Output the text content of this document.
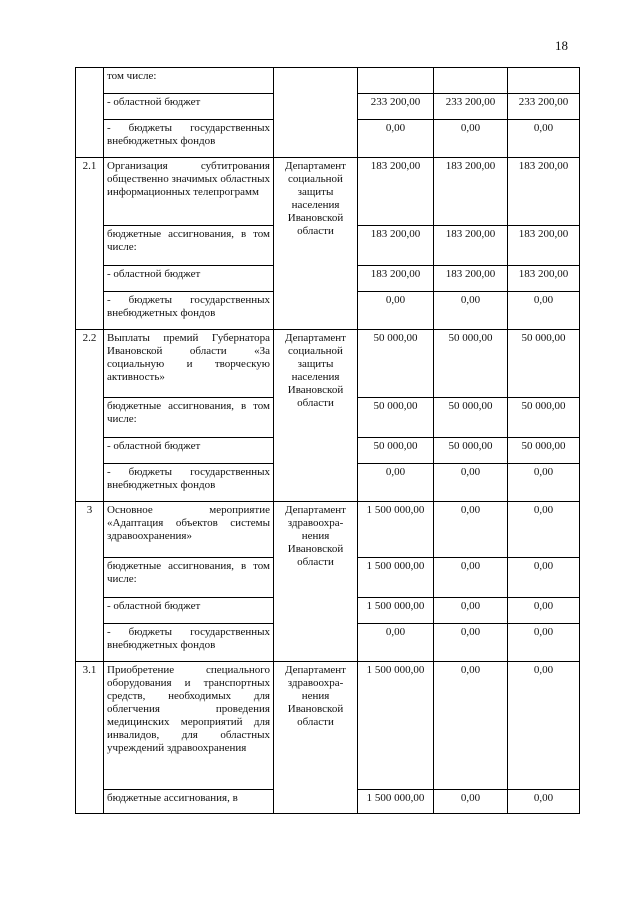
18
	том числе:				
	- областной бюджет		233 200,00	233 200,00	233 200,00
	- бюджеты государственных внебюджетных фондов		0,00	0,00	0,00
2.1	Организация субтитрования общественно значимых областных информационных телепрограмм	Департамент социальной защиты населения Ивановской области	183 200,00	183 200,00	183 200,00
	бюджетные ассигнования, в том числе:		183 200,00	183 200,00	183 200,00
	- областной бюджет		183 200,00	183 200,00	183 200,00
	- бюджеты государственных внебюджетных фондов		0,00	0,00	0,00
2.2	Выплаты премий Губернатора Ивановской области «За социальную и творческую активность»	Департамент социальной защиты населения Ивановской области	50 000,00	50 000,00	50 000,00
	бюджетные ассигнования, в том числе:		50 000,00	50 000,00	50 000,00
	- областной бюджет		50 000,00	50 000,00	50 000,00
	- бюджеты государственных внебюджетных фондов		0,00	0,00	0,00
3	Основное мероприятие «Адаптация объектов системы здравоохранения»	Департамент здравоохра-нения Ивановской области	1 500 000,00	0,00	0,00
	бюджетные ассигнования, в том числе:		1 500 000,00	0,00	0,00
	- областной бюджет		1 500 000,00	0,00	0,00
	- бюджеты государственных внебюджетных фондов		0,00	0,00	0,00
3.1	Приобретение специального оборудования и транспортных средств, необходимых для облегчения проведения медицинских мероприятий для инвалидов, для областных учреждений здравоохранения	Департамент здравоохра-нения Ивановской области	1 500 000,00	0,00	0,00
	бюджетные ассигнования, в		1 500 000,00	0,00	0,00
